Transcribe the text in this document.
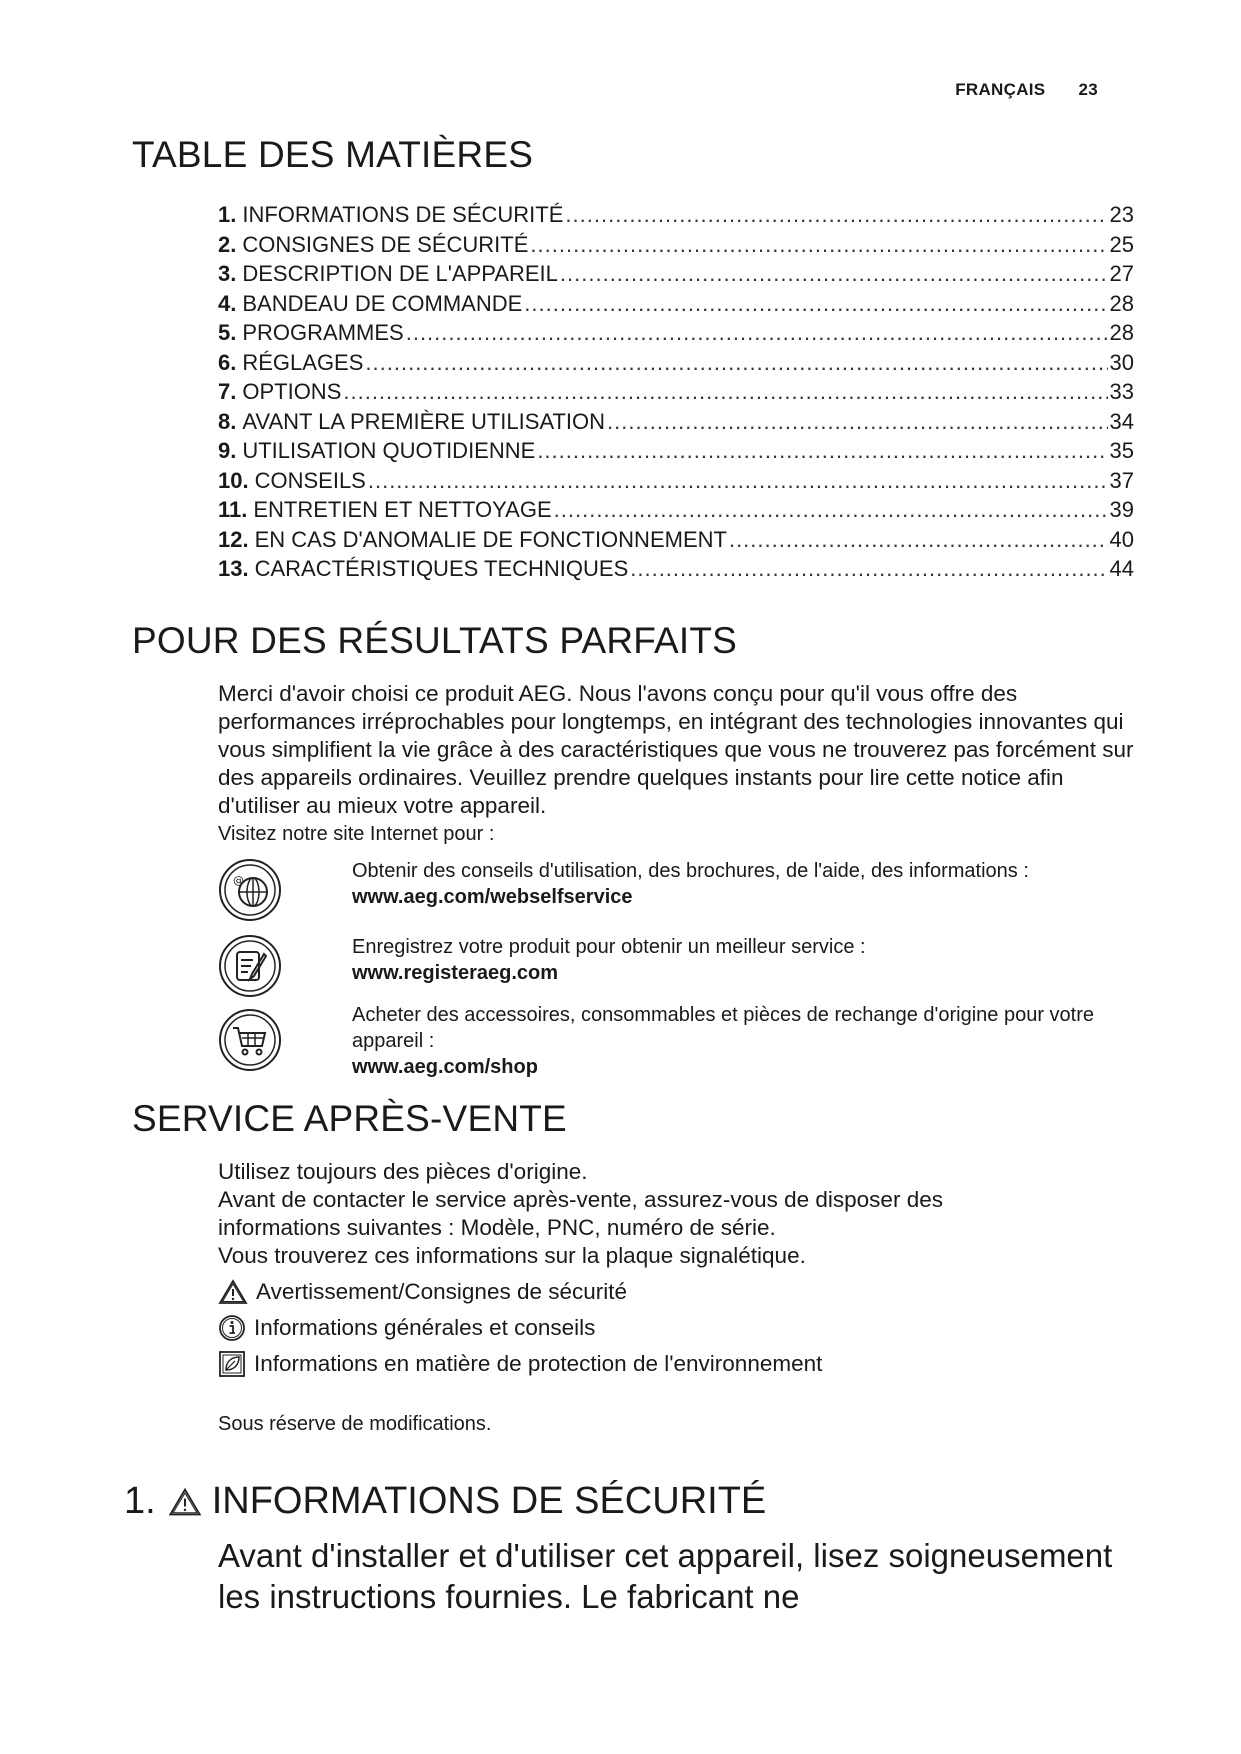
FRANÇAIS 23
TABLE DES MATIÈRES
1. INFORMATIONS DE SÉCURITÉ .....	23
2. CONSIGNES DE SÉCURITÉ .....	25
3. DESCRIPTION DE L'APPAREIL .....	27
4. BANDEAU DE COMMANDE .....	28
5. PROGRAMMES .....	28
6. RÉGLAGES .....	30
7. OPTIONS .....	33
8. AVANT LA PREMIÈRE UTILISATION .....	34
9. UTILISATION QUOTIDIENNE .....	35
10. CONSEILS .....	37
11. ENTRETIEN ET NETTOYAGE .....	39
12. EN CAS D'ANOMALIE DE FONCTIONNEMENT .....	40
13. CARACTÉRISTIQUES TECHNIQUES .....	44
POUR DES RÉSULTATS PARFAITS

Merci d'avoir choisi ce produit AEG. Nous l'avons conçu pour qu'il vous offre des performances irréprochables pour longtemps, en intégrant des technologies innovantes qui vous simplifient la vie grâce à des caractéristiques que vous ne trouverez pas forcément sur des appareils ordinaires. Veuillez prendre quelques instants pour lire cette notice afin d'utiliser au mieux votre appareil.

Visitez notre site Internet pour :

@	Obtenir des conseils d'utilisation, des brochures, de l'aide, des informations :
www.aeg.com/webselfservice
Enregistrez votre produit pour obtenir un meilleur service :
www.registeraeg.com
Acheter des accessoires, consommables et pièces de rechange d'origine pour votre appareil :
www.aeg.com/shop
SERVICE APRÈS-VENTE

Utilisez toujours des pièces d'origine.

Avant de contacter le service après-vente, assurez-vous de disposer des informations suivantes : Modèle, PNC, numéro de série.

Vous trouverez ces informations sur la plaque signalétique.

Avertissement/Consignes de sécurité
Informations générales et conseils
Informations en matière de protection de l'environnement

Sous réserve de modifications.

1. INFORMATIONS DE SÉCURITÉ

Avant d'installer et d'utiliser cet appareil, lisez soigneusement les instructions fournies. Le fabricant ne
